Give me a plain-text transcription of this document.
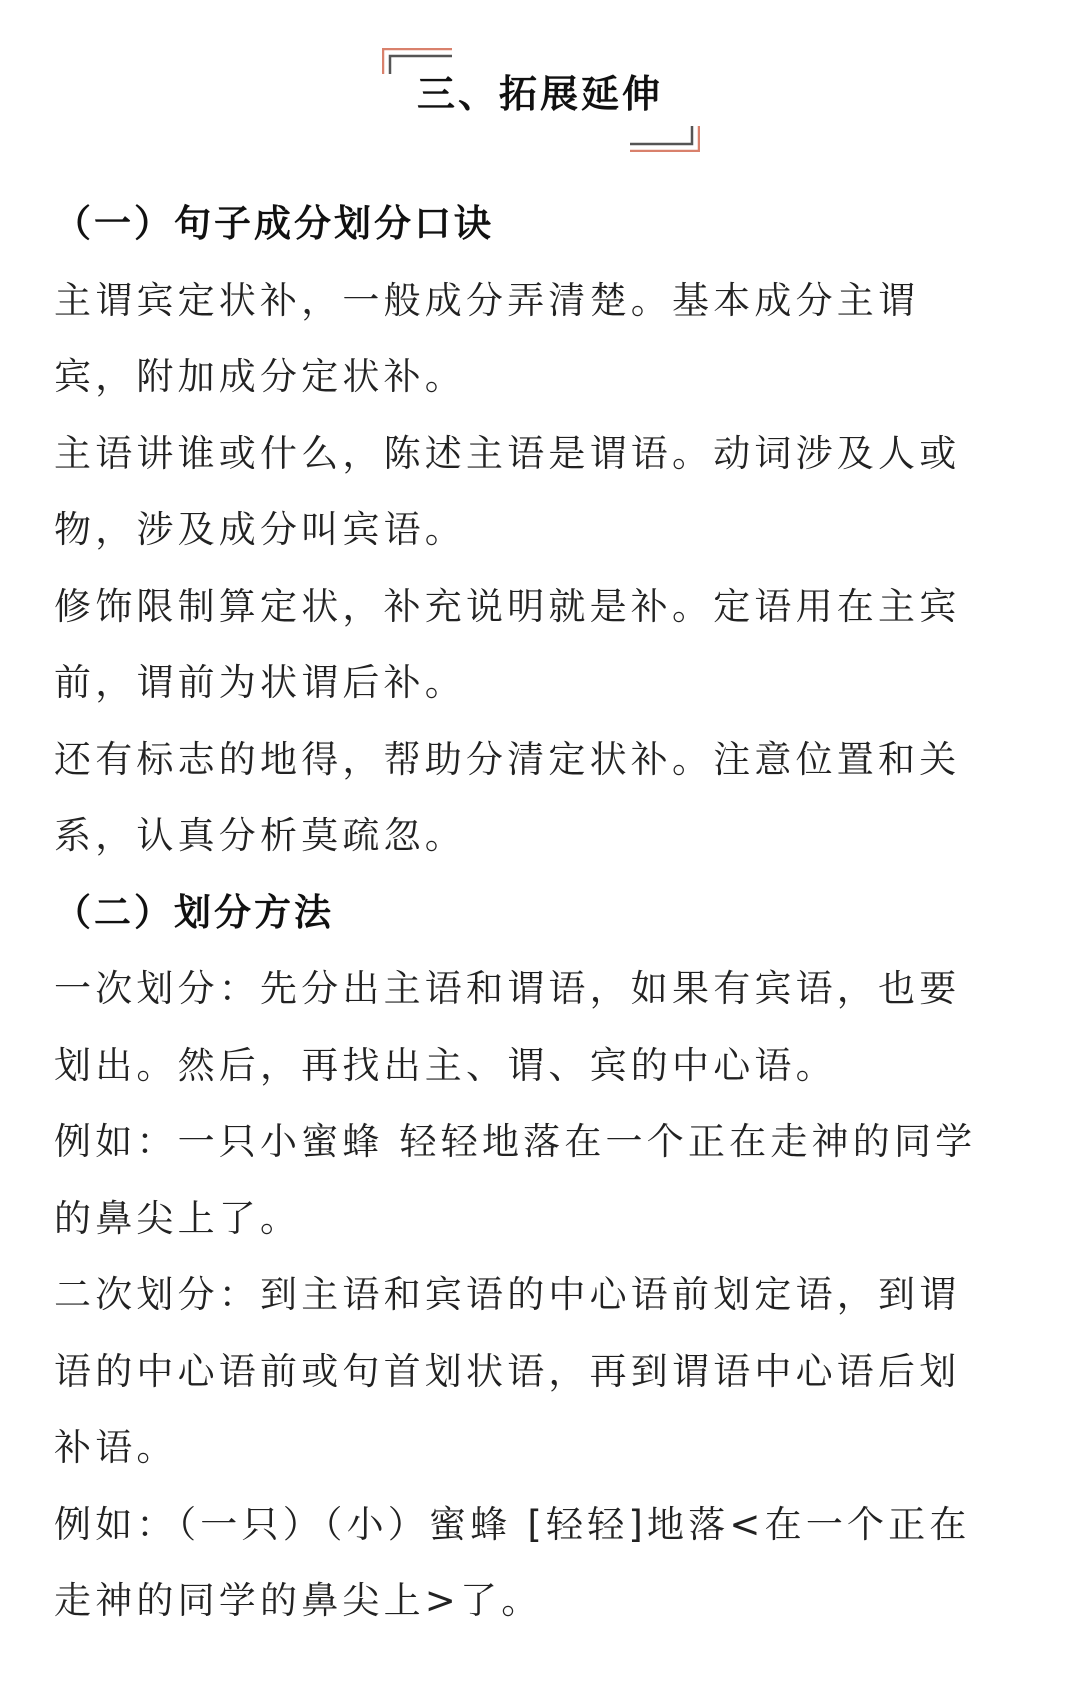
三、拓展延伸
（一）句子成分划分口诀
主谓宾定状补，一般成分弄清楚。基本成分主谓
宾，附加成分定状补。
主语讲谁或什么，陈述主语是谓语。动词涉及人或
物，涉及成分叫宾语。
修饰限制算定状，补充说明就是补。定语用在主宾
前，谓前为状谓后补。
还有标志的地得，帮助分清定状补。注意位置和关
系，认真分析莫疏忽。
（二）划分方法
一次划分：先分出主语和谓语，如果有宾语，也要
划出。然后，再找出主、谓、宾的中心语。
例如：一只小蜜蜂 轻轻地落在一个正在走神的同学
的鼻尖上了。
二次划分：到主语和宾语的中心语前划定语，到谓
语的中心语前或句首划状语，再到谓语中心语后划
补语。
例如：（一只）（小）蜜蜂 [轻轻]地落<在一个正在
走神的同学的鼻尖上>了。
